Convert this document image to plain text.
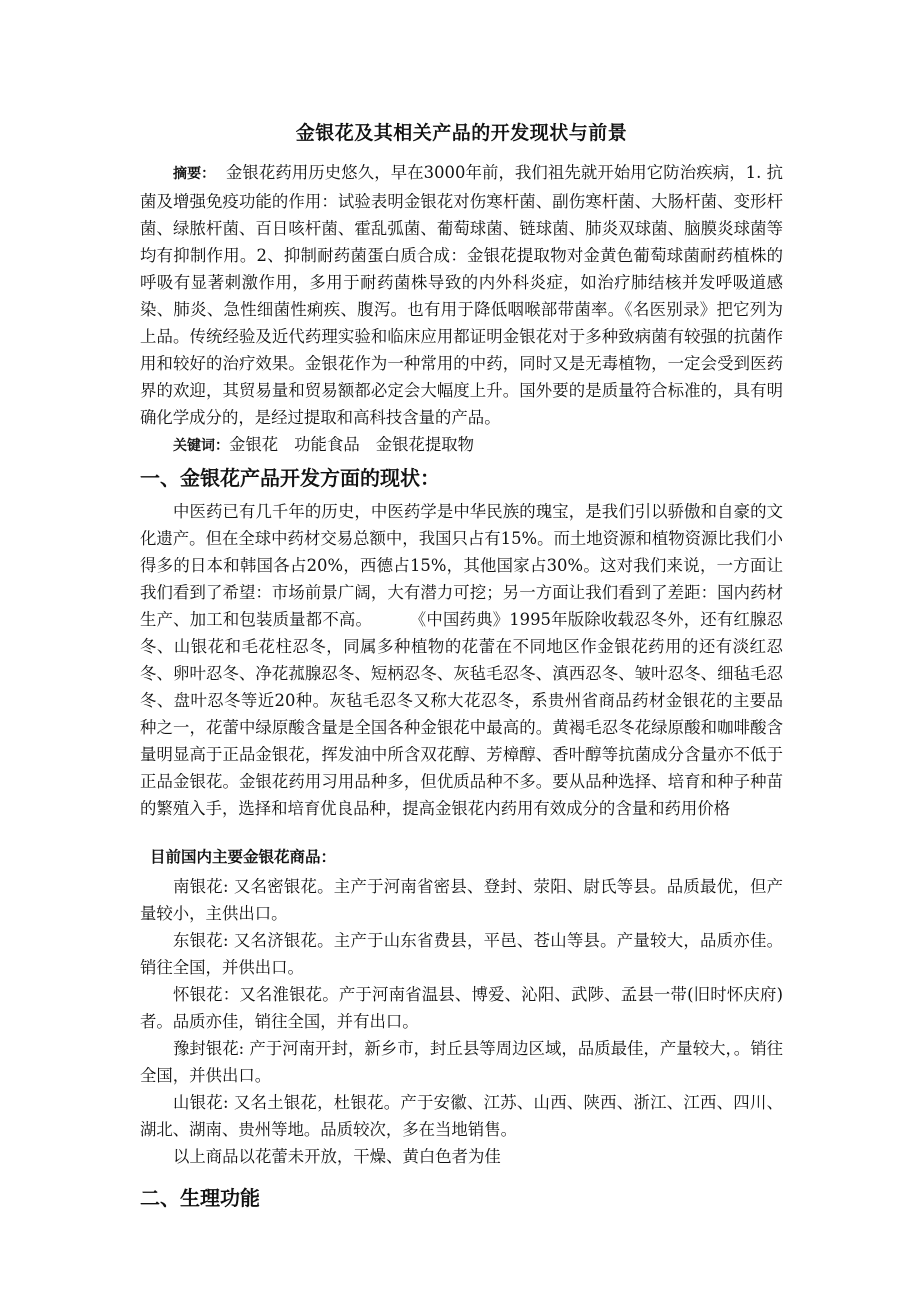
金银花及其相关产品的开发现状与前景

摘要：  金银花药用历史悠久，早在3000年前，我们祖先就开始用它防治疾病，1. 抗菌及增强免疫功能的作用：试验表明金银花对伤寒杆菌、副伤寒杆菌、大肠杆菌、变形杆菌、绿脓杆菌、百日咳杆菌、霍乱弧菌、葡萄球菌、链球菌、肺炎双球菌、脑膜炎球菌等均有抑制作用。2、抑制耐药菌蛋白质合成：金银花提取物对金黄色葡萄球菌耐药植株的呼吸有显著刺激作用，多用于耐药菌株导致的内外科炎症，如治疗肺结核并发呼吸道感染、肺炎、急性细菌性痢疾、腹泻。也有用于降低咽喉部带菌率。《名医别录》把它列为上品。传统经验及近代药理实验和临床应用都证明金银花对于多种致病菌有较强的抗菌作用和较好的治疗效果。金银花作为一种常用的中药，同时又是无毒植物，一定会受到医药界的欢迎，其贸易量和贸易额都必定会大幅度上升。国外要的是质量符合标准的，具有明确化学成分的，是经过提取和高科技含量的产品。

关键词：金银花 功能食品 金银花提取物

一、金银花产品开发方面的现状：

中医药已有几千年的历史，中医药学是中华民族的瑰宝，是我们引以骄傲和自豪的文化遗产。但在全球中药材交易总额中，我国只占有15%。而土地资源和植物资源比我们小得多的日本和韩国各占20%，西德占15%，其他国家占30%。这对我们来说，一方面让我们看到了希望：市场前景广阔，大有潜力可挖；另一方面让我们看到了差距：国内药材生产、加工和包装质量都不高。       《中国药典》1995年版除收载忍冬外，还有红腺忍冬、山银花和毛花柱忍冬，同属多种植物的花蕾在不同地区作金银花药用的还有淡红忍冬、卵叶忍冬、净花菰腺忍冬、短柄忍冬、灰毡毛忍冬、滇西忍冬、皱叶忍冬、细毡毛忍冬、盘叶忍冬等近20种。灰毡毛忍冬又称大花忍冬，系贵州省商品药材金银花的主要品种之一，花蕾中绿原酸含量是全国各种金银花中最高的。黄褐毛忍冬花绿原酸和咖啡酸含量明显高于正品金银花，挥发油中所含双花醇、芳樟醇、香叶醇等抗菌成分含量亦不低于正品金银花。金银花药用习用品种多，但优质品种不多。要从品种选择、培育和种子种苗的繁殖入手，选择和培育优良品种，提高金银花内药用有效成分的含量和药用价格

目前国内主要金银花商品：

南银花: 又名密银花。主产于河南省密县、登封、荥阳、尉氏等县。品质最优，但产量较小，主供出口。

东银花: 又名济银花。主产于山东省费县，平邑、苍山等县。产量较大，品质亦佳。销往全国，并供出口。

怀银花：又名淮银花。产于河南省温县、博爱、沁阳、武陟、孟县一带(旧时怀庆府)者。品质亦佳，销往全国，并有出口。

豫封银花: 产于河南开封，新乡市，封丘县等周边区域，品质最佳，产量较大，。销往全国，并供出口。

山银花: 又名土银花，杜银花。产于安徽、江苏、山西、陕西、浙江、江西、四川、湖北、湖南、贵州等地。品质较次，多在当地销售。

以上商品以花蕾未开放，干燥、黄白色者为佳

二、生理功能
